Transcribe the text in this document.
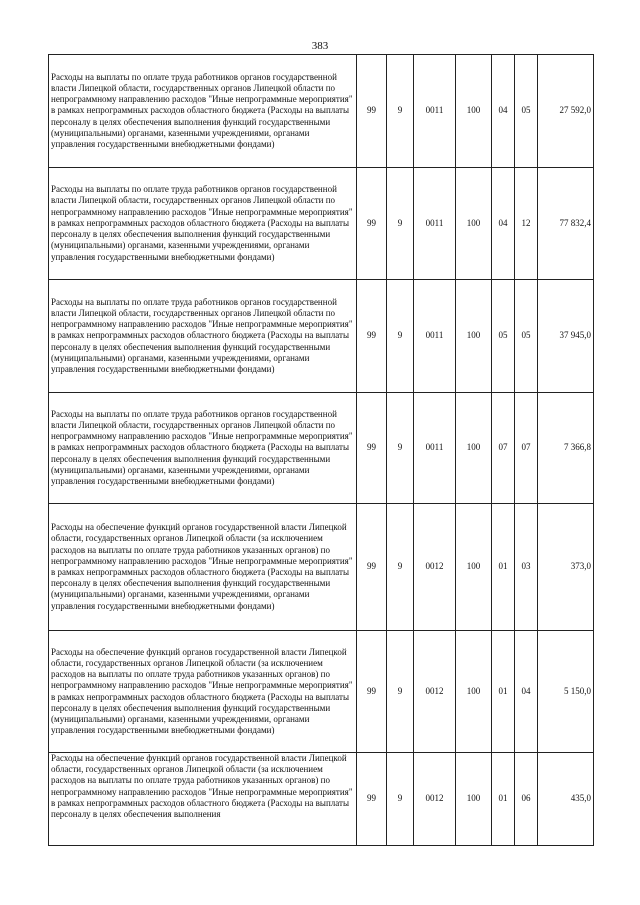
383
Расходы на выплаты по оплате труда работников органов государственной власти Липецкой области, государственных органов Липецкой области по непрограммному направлению расходов "Иные непрограммные мероприятия" в рамках непрограммных расходов областного бюджета (Расходы на выплаты персоналу в целях обеспечения выполнения функций государственными (муниципальными) органами, казенными учреждениями, органами управления государственными внебюджетными фондами)	99	9	0011	100	04	05	27 592,0
Расходы на выплаты по оплате труда работников органов государственной власти Липецкой области, государственных органов Липецкой области по непрограммному направлению расходов "Иные непрограммные мероприятия" в рамках непрограммных расходов областного бюджета (Расходы на выплаты персоналу в целях обеспечения выполнения функций государственными (муниципальными) органами, казенными учреждениями, органами управления государственными внебюджетными фондами)	99	9	0011	100	04	12	77 832,4
Расходы на выплаты по оплате труда работников органов государственной власти Липецкой области, государственных органов Липецкой области по непрограммному направлению расходов "Иные непрограммные мероприятия" в рамках непрограммных расходов областного бюджета (Расходы на выплаты персоналу в целях обеспечения выполнения функций государственными (муниципальными) органами, казенными учреждениями, органами управления государственными внебюджетными фондами)	99	9	0011	100	05	05	37 945,0
Расходы на выплаты по оплате труда работников органов государственной власти Липецкой области, государственных органов Липецкой области по непрограммному направлению расходов "Иные непрограммные мероприятия" в рамках непрограммных расходов областного бюджета (Расходы на выплаты персоналу в целях обеспечения выполнения функций государственными (муниципальными) органами, казенными учреждениями, органами управления государственными внебюджетными фондами)	99	9	0011	100	07	07	7 366,8
Расходы на обеспечение функций органов государственной власти Липецкой области, государственных органов Липецкой области (за исключением расходов на выплаты по оплате труда работников указанных органов) по непрограммному направлению расходов "Иные непрограммные мероприятия" в рамках непрограммных расходов областного бюджета (Расходы на выплаты персоналу в целях обеспечения выполнения функций государственными (муниципальными) органами, казенными учреждениями, органами управления государственными внебюджетными фондами)	99	9	0012	100	01	03	373,0
Расходы на обеспечение функций органов государственной власти Липецкой области, государственных органов Липецкой области (за исключением расходов на выплаты по оплате труда работников указанных органов) по непрограммному направлению расходов "Иные непрограммные мероприятия" в рамках непрограммных расходов областного бюджета (Расходы на выплаты персоналу в целях обеспечения выполнения функций государственными (муниципальными) органами, казенными учреждениями, органами управления государственными внебюджетными фондами)	99	9	0012	100	01	04	5 150,0

Расходы на обеспечение функций органов государственной власти Липецкой области, государственных органов Липецкой области (за исключением расходов на выплаты по оплате труда работников указанных органов) по непрограммному направлению расходов "Иные непрограммные мероприятия" в рамках непрограммных расходов областного бюджета (Расходы на выплаты персоналу в целях обеспечения выполнения	99	9	0012	100	01	06	435,0
